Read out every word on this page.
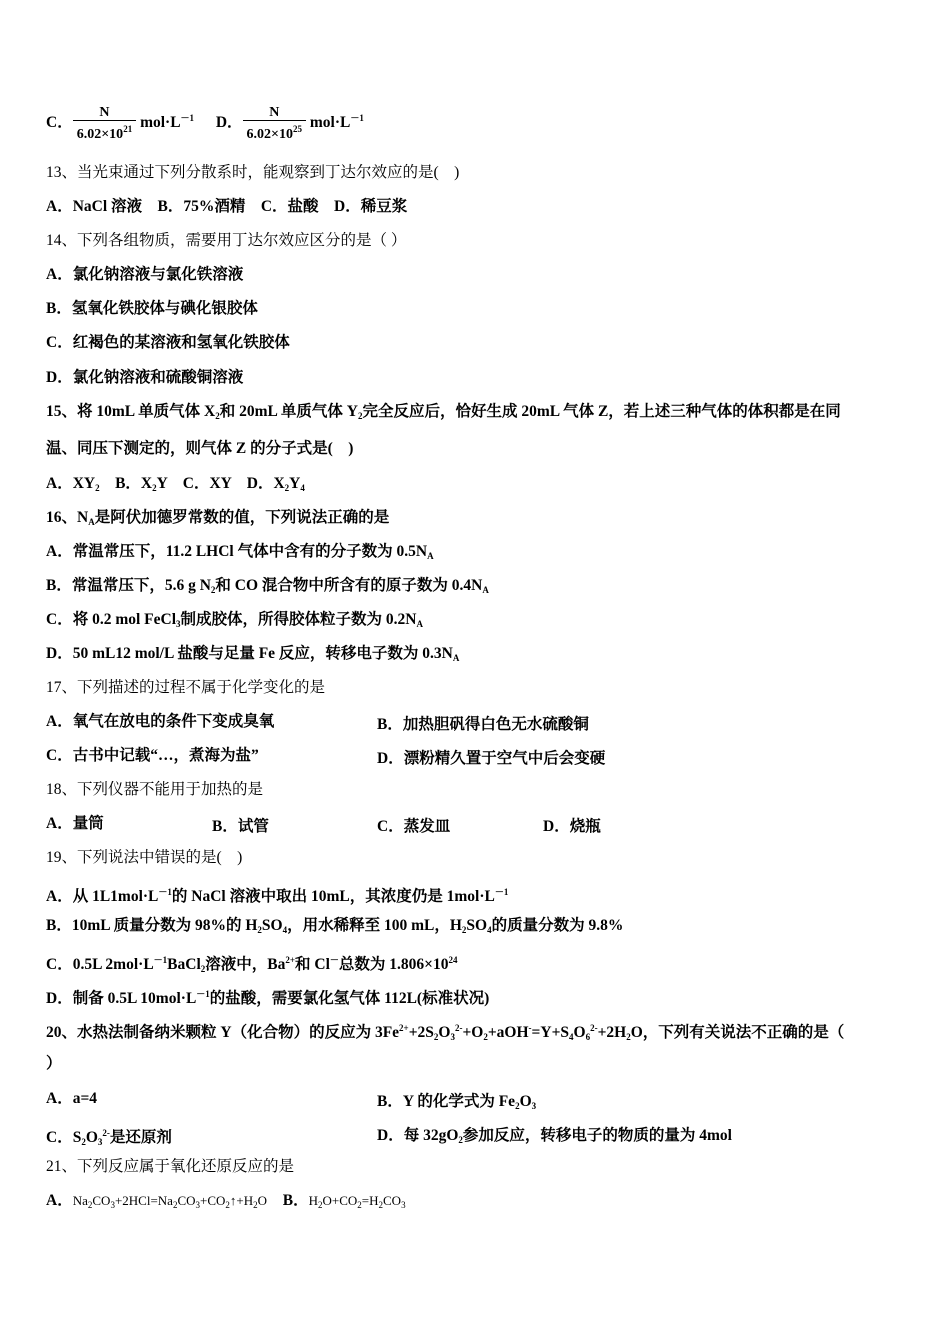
C． $\frac{N}{6.02\times 10^{21}} mol\cdot L^{-1}$ D． $\frac{N}{6.02\times 10^{25}} mol\cdot L^{-1}$
13、当光束通过下列分散系时，能观察到丁达尔效应的是(　)
A．NaCl 溶液　B．75%酒精　C．盐酸　D．稀豆浆
14、下列各组物质，需要用丁达尔效应区分的是（ ）
A．氯化钠溶液与氯化铁溶液
B．氢氧化铁胶体与碘化银胶体
C．红褐色的某溶液和氢氧化铁胶体
D．氯化钠溶液和硫酸铜溶液
15、将 10mL 单质气体 $X_2$和 20mL 单质气体 $Y_2$完全反应后，恰好生成 20mL 气体 Z，若上述三种气体的体积都是在同
温、同压下测定的，则气体 Z 的分子式是(　)
A．$XY_2$　B．$X_2Y$　C．XY　D．$X_2Y_4$
16、$N_A$是阿伏加德罗常数的值，下列说法正确的是
A．常温常压下，11.2 LHCl 气体中含有的分子数为 $0.5N_A$
B．常温常压下，5.6 g $N_2$和 CO 混合物中所含有的原子数为 $0.4N_A$
C．将 0.2 mol FeCl$_3$制成胶体，所得胶体粒子数为 $0.2N_A$
D．50 mL12 mol/L 盐酸与足量 Fe 反应，转移电子数为 $0.3N_A$
17、下列描述的过程不属于化学变化的是
A．氧气在放电的条件下变成臭氧	B．加热胆矾得白色无水硫酸铜
C．古书中记载“…，煮海为盐”	D．漂粉精久置于空气中后会变硬
18、下列仪器不能用于加热的是
A．量筒	B．试管	C．蒸发皿	D．烧瓶
19、下列说法中错误的是(　)
A．从 $1L1mol\cdot L^{-1}$的 NaCl 溶液中取出 10mL，其浓度仍是 $1mol\cdot L^{-1}$
B．10mL 质量分数为 98%的 $H_2SO_4$，用水稀释至 100 mL，$H_2SO_4$的质量分数为 9.8%
C．0.5L $2mol\cdot L^{-1}BaCl_2$溶液中，$Ba^{2+}$和 Cl－总数为 $1.806\times 10^{24}$
D．制备 0.5L $10mol\cdot L^{-1}$的盐酸，需要氯化氢气体 112L(标准状况)
20、水热法制备纳米颗粒 Y（化合物）的反应为 $3Fe^{2+}+2S_2O_3^{2-}+O_2+aOH^-=Y+S_4O_6^{2-}+2H_2O$，下列有关说法不正确的是（
）
A．a=4	B．Y 的化学式为 $Fe_2O_3$
C．$S_2O_3^{2-}$是还原剂	D．每 $32gO_2$参加反应，转移电子的物质的量为 4mol
21、下列反应属于氧化还原反应的是
A．$Na_2CO_3+2HCl=Na_2CO_3+CO_2↑+H_2O$ B．$H_2O+CO_2=H_2CO_3$
